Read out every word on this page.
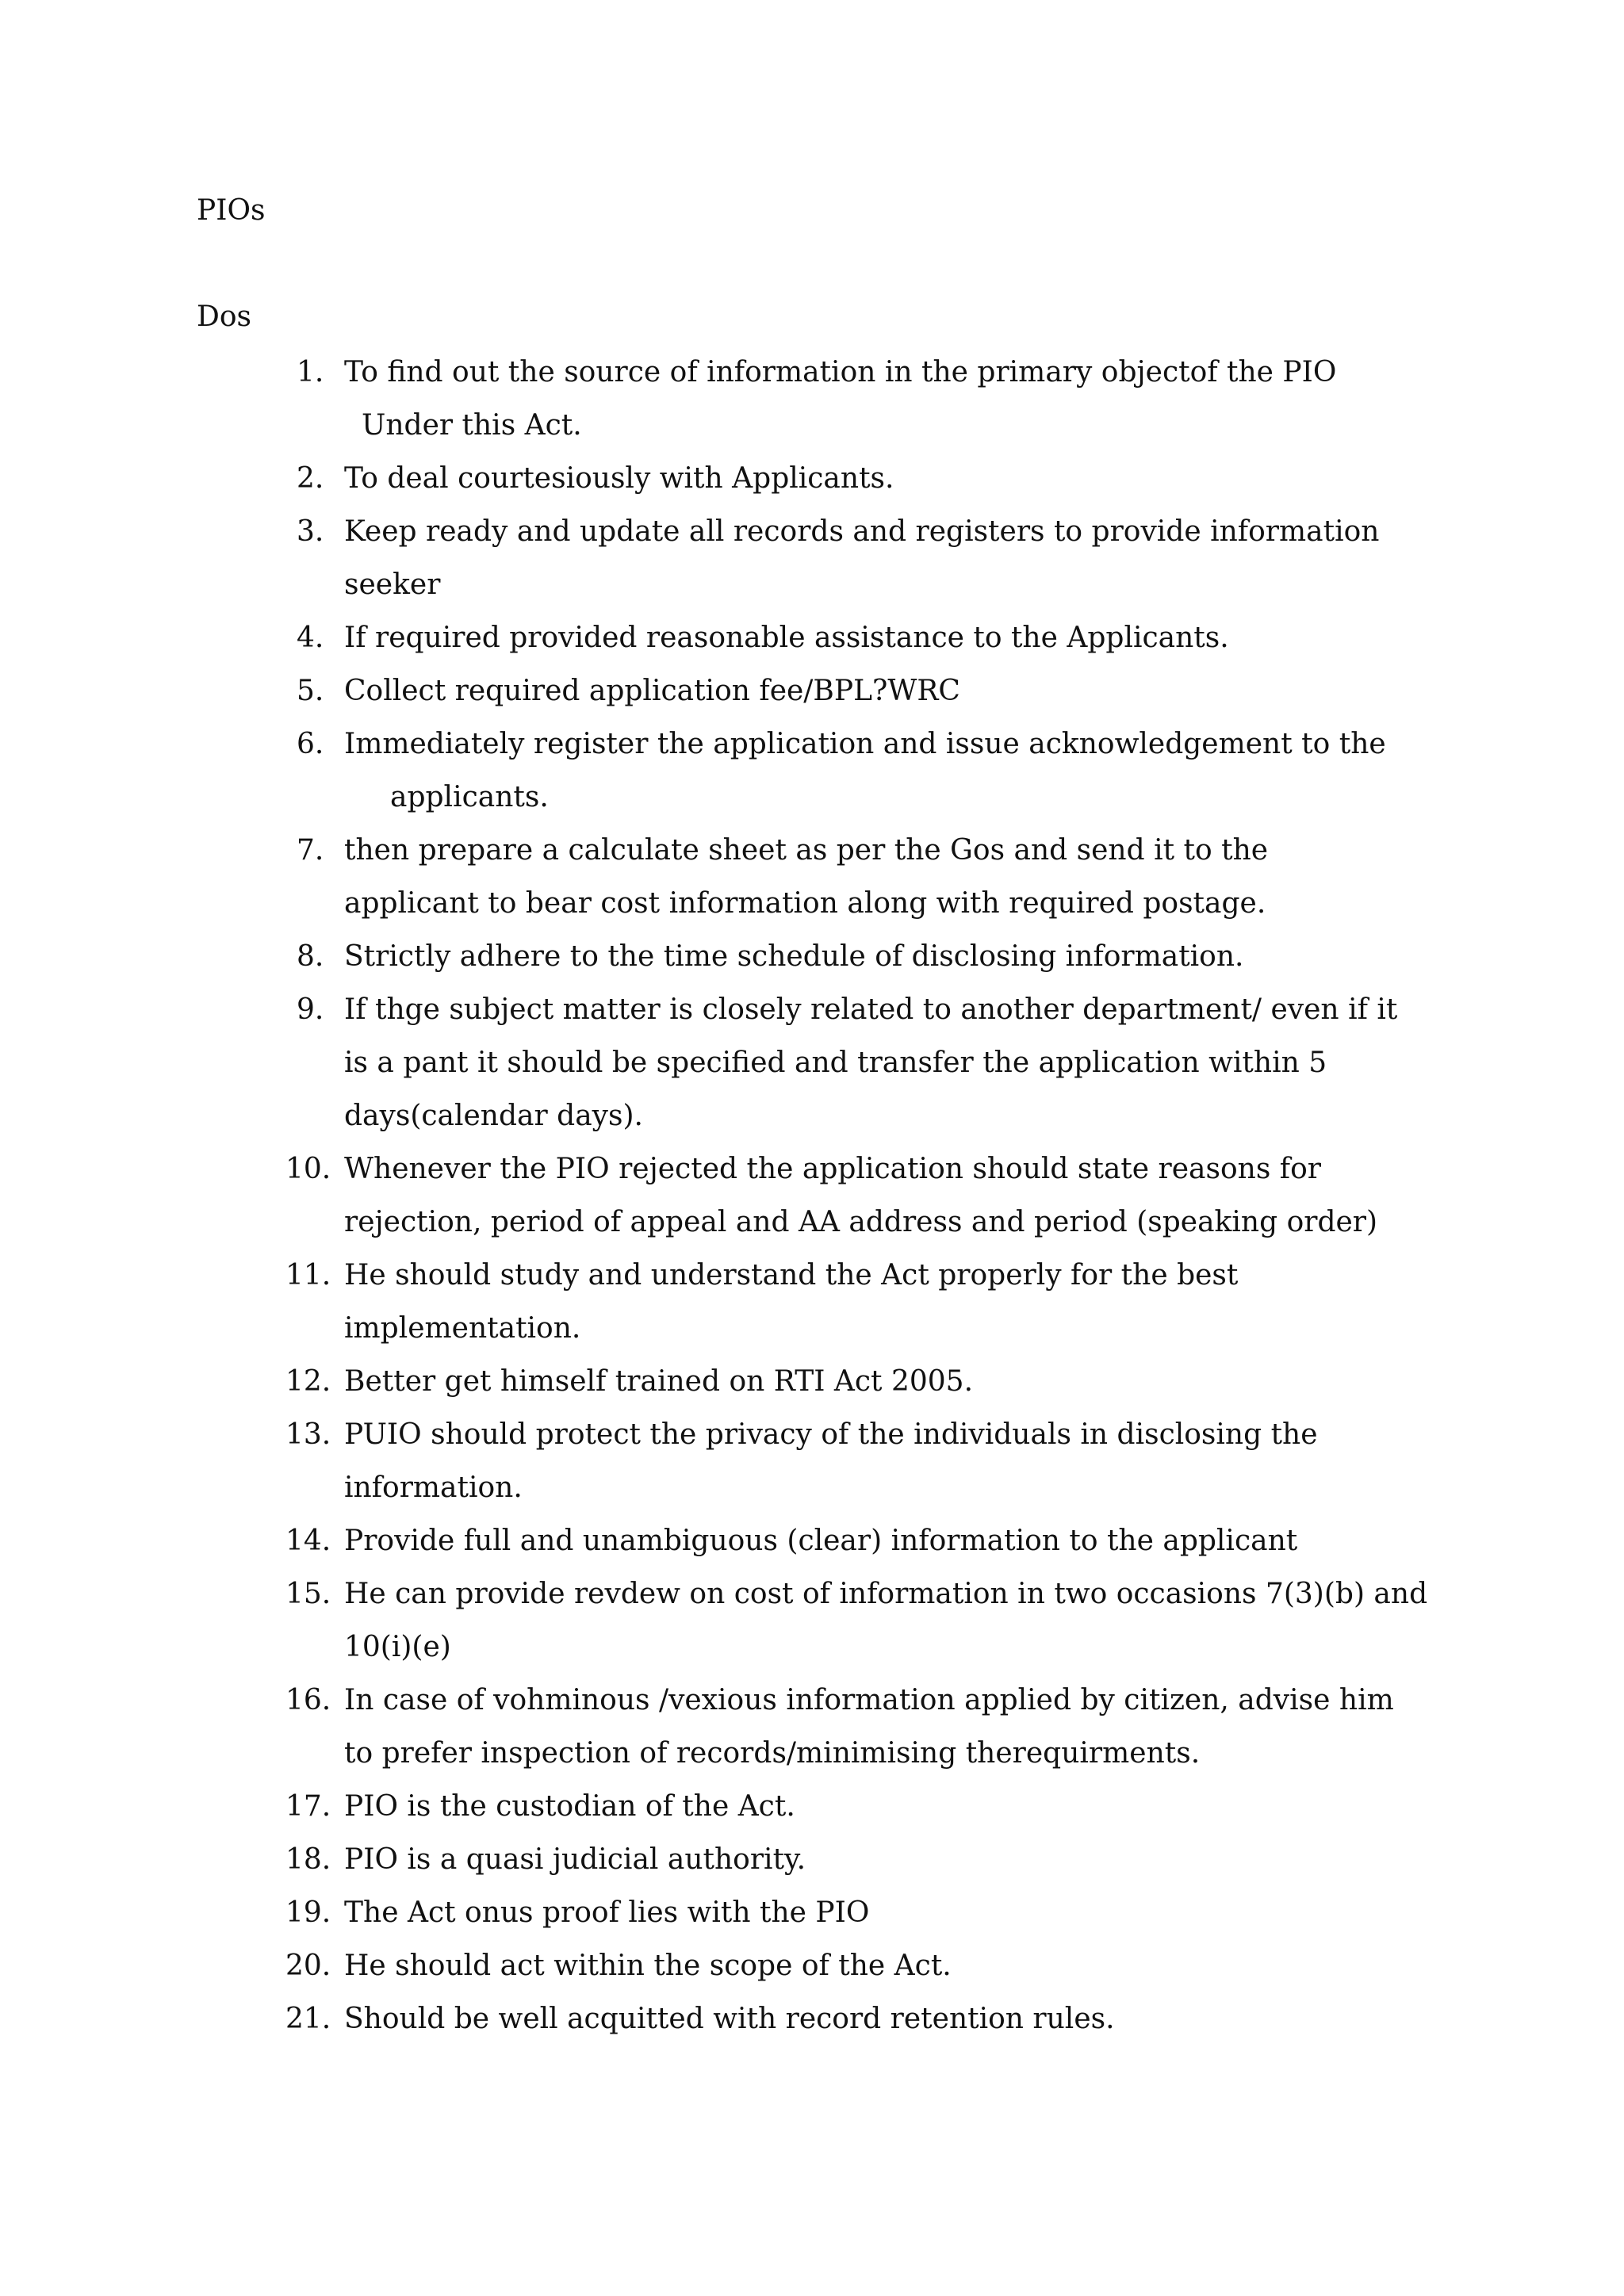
PIOs
Dos
1. To find out the source of information in the primary objectof the PIO
Under this Act.
2. To deal courtesiously with Applicants.
3. Keep ready and update all records and registers to provide information
seeker
4. If required provided reasonable assistance to the Applicants.
5. Collect required application fee/BPL?WRC
6. Immediately register the application and issue acknowledgement to the
applicants.
7. then prepare a calculate sheet as per the Gos and send it to the
applicant to bear cost information along with required postage.
8. Strictly adhere to the time schedule of disclosing information.
9. If thge subject matter is closely related to another department/ even if it
is a pant it should be specified and transfer the application within 5
days(calendar days).
10. Whenever the PIO rejected the application should state reasons for
rejection, period of appeal and AA address and period (speaking order)
11. He should study and understand the Act properly for the best
implementation.
12. Better get himself trained on RTI Act 2005.
13. PUIO should protect the privacy of the individuals in disclosing the
information.
14. Provide full and unambiguous (clear) information to the applicant
15. He can provide revdew on cost of information in two occasions 7(3)(b) and
10(i)(e)
16. In case of vohminous /vexious information applied by citizen, advise him
to prefer inspection of records/minimising therequirments.
17. PIO is the custodian of the Act.
18. PIO is a quasi judicial authority.
19. The Act onus proof lies with the PIO
20. He should act within the scope of the Act.
21. Should be well acquitted with record retention rules.
